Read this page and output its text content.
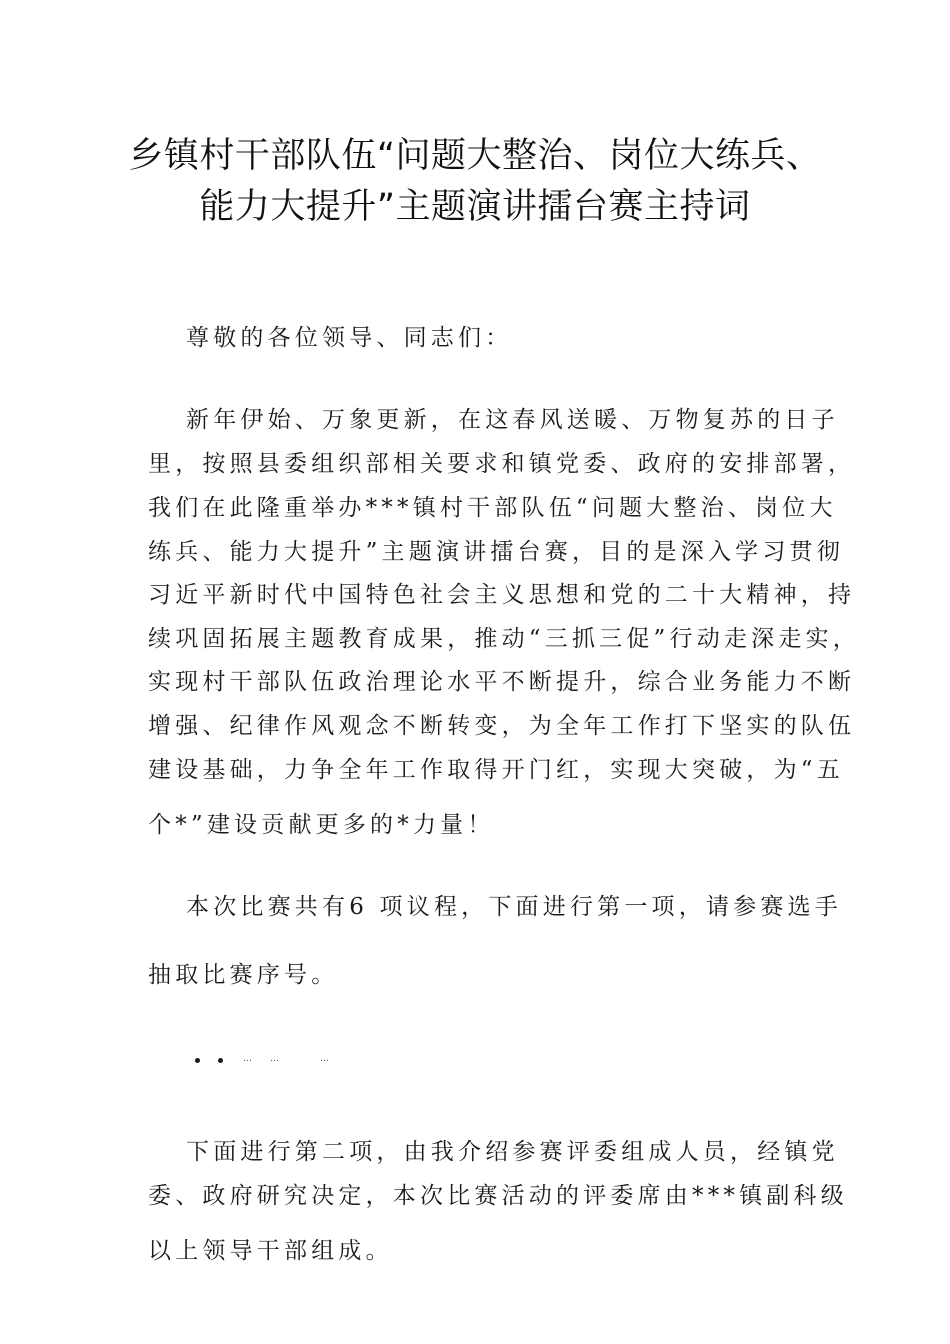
乡镇村干部队伍“问题大整治、岗位大练兵、
能力大提升”主题演讲擂台赛主持词

尊敬的各位领导、同志们：

新年伊始、万象更新，在这春风送暖、万物复苏的日子

里，按照县委组织部相关要求和镇党委、政府的安排部署，

我们在此隆重举办***镇村干部队伍“问题大整治、岗位大

练兵、能力大提升”主题演讲擂台赛，目的是深入学习贯彻

习近平新时代中国特色社会主义思想和党的二十大精神，持

续巩固拓展主题教育成果，推动“三抓三促”行动走深走实，

实现村干部队伍政治理论水平不断提升，综合业务能力不断

增强、纪律作风观念不断转变，为全年工作打下坚实的队伍

建设基础，力争全年工作取得开门红，实现大突破，为“五

个*”建设贡献更多的*力量！

本次比赛共有6 项议程，下面进行第一项，请参赛选手

抽取比赛序号。

… …	…

下面进行第二项，由我介绍参赛评委组成人员，经镇党

委、政府研究决定，本次比赛活动的评委席由***镇副科级

以上领导干部组成。
